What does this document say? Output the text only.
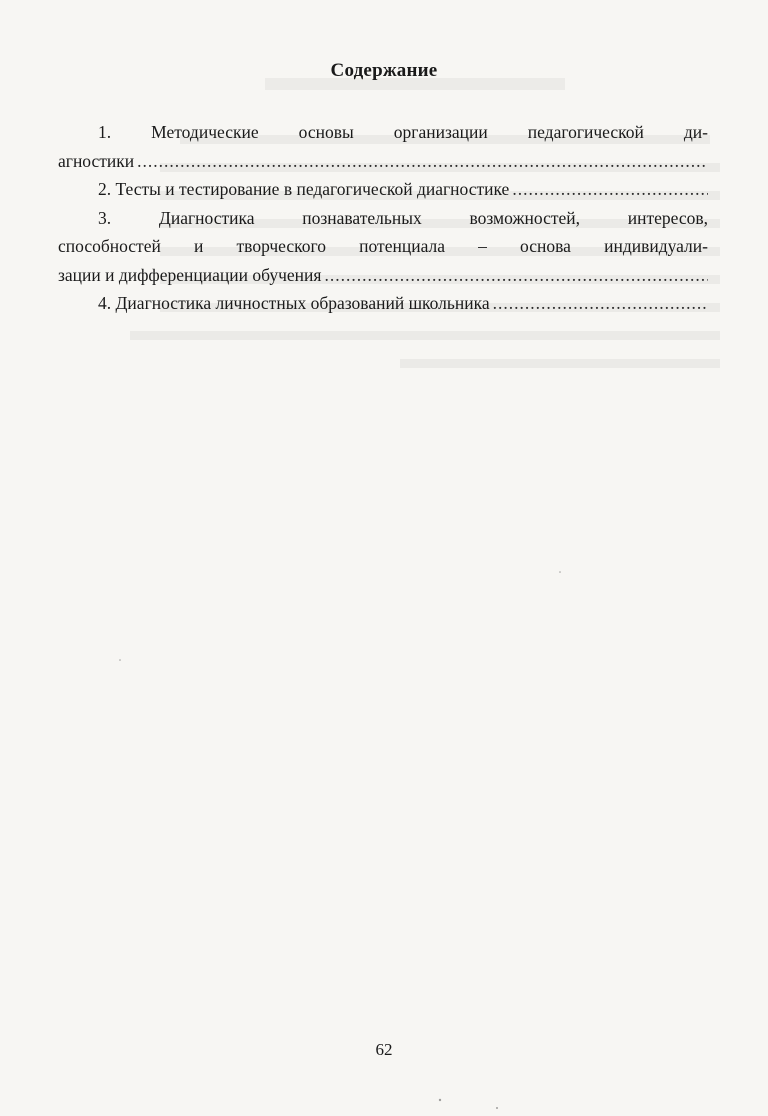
Содержание
1. Методические основы организации педагогической ди-
агностики
.....
2.
Тесты и тестирование в педагогической диагностике
.....
3.	Диагностика познавательных возможностей, интересов,
способностей и творческого потенциала – основа индивидуали-
зации и дифференциации обучения
.....
4.
Диагностика личностных образований школьника
.....
62
